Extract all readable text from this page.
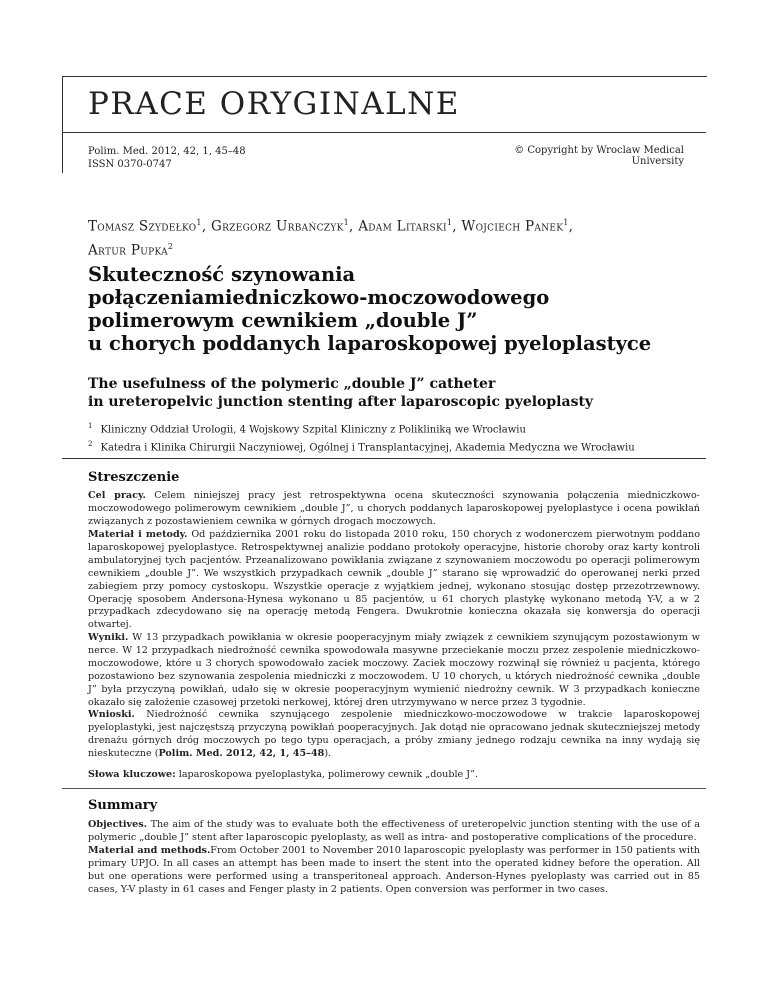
PRACE ORYGINALNE
Polim. Med. 2012, 42, 1, 45–48
ISSN 0370-0747
© Copyright by Wroclaw Medical University
Tomasz Szydełko$^1$, Grzegorz Urbańczyk$^1$, Adam Litarski$^1$, Wojciech Panek$^1$,
Artur Pupka$^2$
Skuteczność szynowania
połączeniamiedniczkowo-moczowodowego
polimerowym cewnikiem „double J”
u chorych poddanych laparoskopowej pyeloplastyce
The usefulness of the polymeric „double J” catheter
in ureteropelvic junction stenting after laparoscopic pyeloplasty
$^1$ Kliniczny Oddział Urologii, 4 Wojskowy Szpital Kliniczny z Polikliniką we Wrocławiu
$^2$ Katedra i Klinika Chirurgii Naczyniowej, Ogólnej i Transplantacyjnej, Akademia Medyczna we Wrocławiu
Streszczenie
Cel pracy. Celem niniejszej pracy jest retrospektywna ocena skuteczności szynowania połączenia miedniczkowo-moczowodowego polimerowym cewnikiem „double J”, u chorych poddanych laparoskopowej pyeloplastyce i ocena powikłań związanych z pozostawieniem cewnika w górnych drogach moczowych.
Materiał i metody. Od października 2001 roku do listopada 2010 roku, 150 chorych z wodonerczem pierwotnym poddano laparoskopowej pyeloplastyce. Retrospektywnej analizie poddano protokoły operacyjne, historie choroby oraz karty kontroli ambulatoryjnej tych pacjentów. Przeanalizowano powikłania związane z szynowaniem moczowodu po operacji polimerowym cewnikiem „double J”. We wszystkich przypadkach cewnik „double J” starano się wprowadzić do operowanej nerki przed zabiegiem przy pomocy cystoskopu. Wszystkie operacje z wyjątkiem jednej, wykonano stosując dostęp przezotrzewnowy. Operację sposobem Andersona-Hynesa wykonano u 85 pacjentów, u 61 chorych plastykę wykonano metodą Y-V, a w 2 przypadkach zdecydowano się na operację metodą Fengera. Dwukrotnie konieczna okazała się konwersja do operacji otwartej.
Wyniki. W 13 przypadkach powikłania w okresie pooperacyjnym miały związek z cewnikiem szynującym pozostawionym w nerce. W 12 przypadkach niedrożność cewnika spowodowała masywne przeciekanie moczu przez zespolenie miedniczkowo-moczowodowe, które u 3 chorych spowodowało zaciek moczowy. Zaciek moczowy rozwinął się również u pacjenta, którego pozostawiono bez szynowania zespolenia miedniczki z moczowodem. U 10 chorych, u których niedrożność cewnika „double J” była przyczyną powikłań, udało się w okresie pooperacyjnym wymienić niedrożny cewnik. W 3 przypadkach konieczne okazało się założenie czasowej przetoki nerkowej, której dren utrzymywano w nerce przez 3 tygodnie.
Wnioski. Niedrożność cewnika szynującego zespolenie miedniczkowo-moczowodowe w trakcie laparoskopowej pyeloplastyki, jest najczęstszą przyczyną powikłań pooperacyjnych. Jak dotąd nie opracowano jednak skuteczniejszej metody drenażu górnych dróg moczowych po tego typu operacjach, a próby zmiany jednego rodzaju cewnika na inny wydają się nieskuteczne (Polim. Med. 2012, 42, 1, 45–48).
Słowa kluczowe: laparoskopowa pyeloplastyka, polimerowy cewnik „double J”.
Summary
Objectives. The aim of the study was to evaluate both the effectiveness of ureteropelvic junction stenting with the use of a polymeric „double J” stent after laparoscopic pyeloplasty, as well as intra- and postoperative complications of the procedure.
Material and methods.From October 2001 to November 2010 laparoscopic pyeloplasty was performer in 150 patients with primary UPJO. In all cases an attempt has been made to insert the stent into the operated kidney before the operation. All but one operations were performed using a transperitoneal approach. Anderson-Hynes pyeloplasty was carried out in 85 cases, Y-V plasty in 61 cases and Fenger plasty in 2 patients. Open conversion was performer in two cases.
